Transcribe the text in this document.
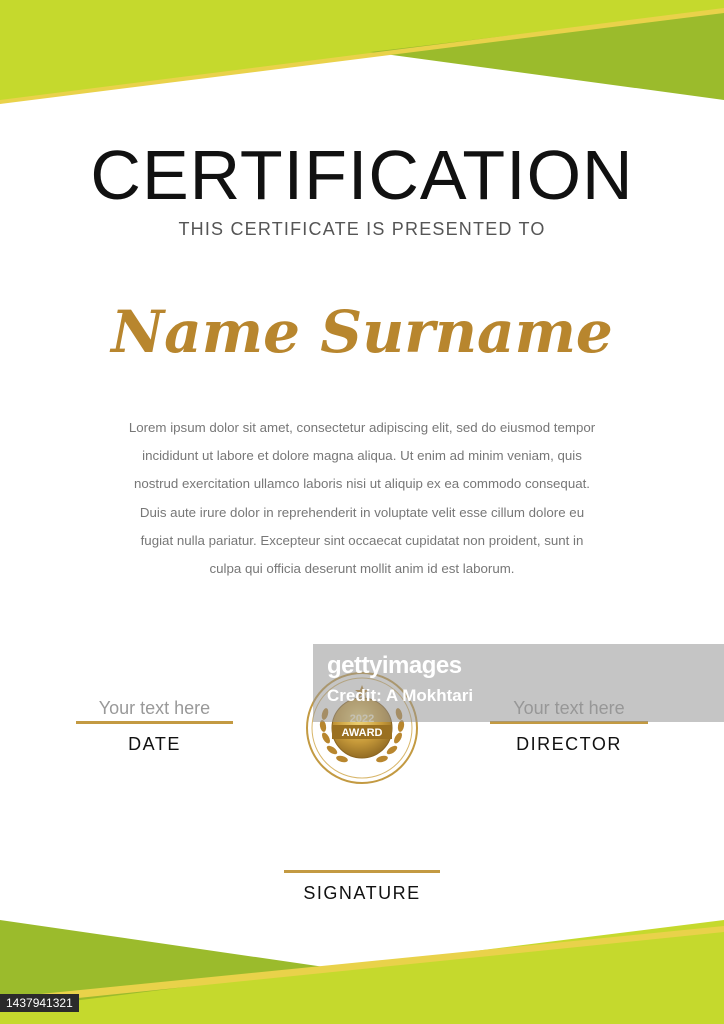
CERTIFICATION
THIS CERTIFICATE IS PRESENTED TO
Name Surname
Lorem ipsum dolor sit amet, consectetur adipiscing elit, sed do eiusmod tempor
incididunt ut labore et dolore magna aliqua. Ut enim ad minim veniam, quis
nostrud exercitation ullamco laboris nisi ut aliquip ex ea commodo consequat.
Duis aute irure dolor in reprehenderit in voluptate velit esse cillum dolore eu
fugiat nulla pariatur. Excepteur sint occaecat cupidatat non proident, sunt in
culpa qui officia deserunt mollit anim id est laborum.
Your text here
DATE	DIRECTOR
SIGNATURE
AWARD
gettyimages
Credit: A Mokhtari
1437941321
